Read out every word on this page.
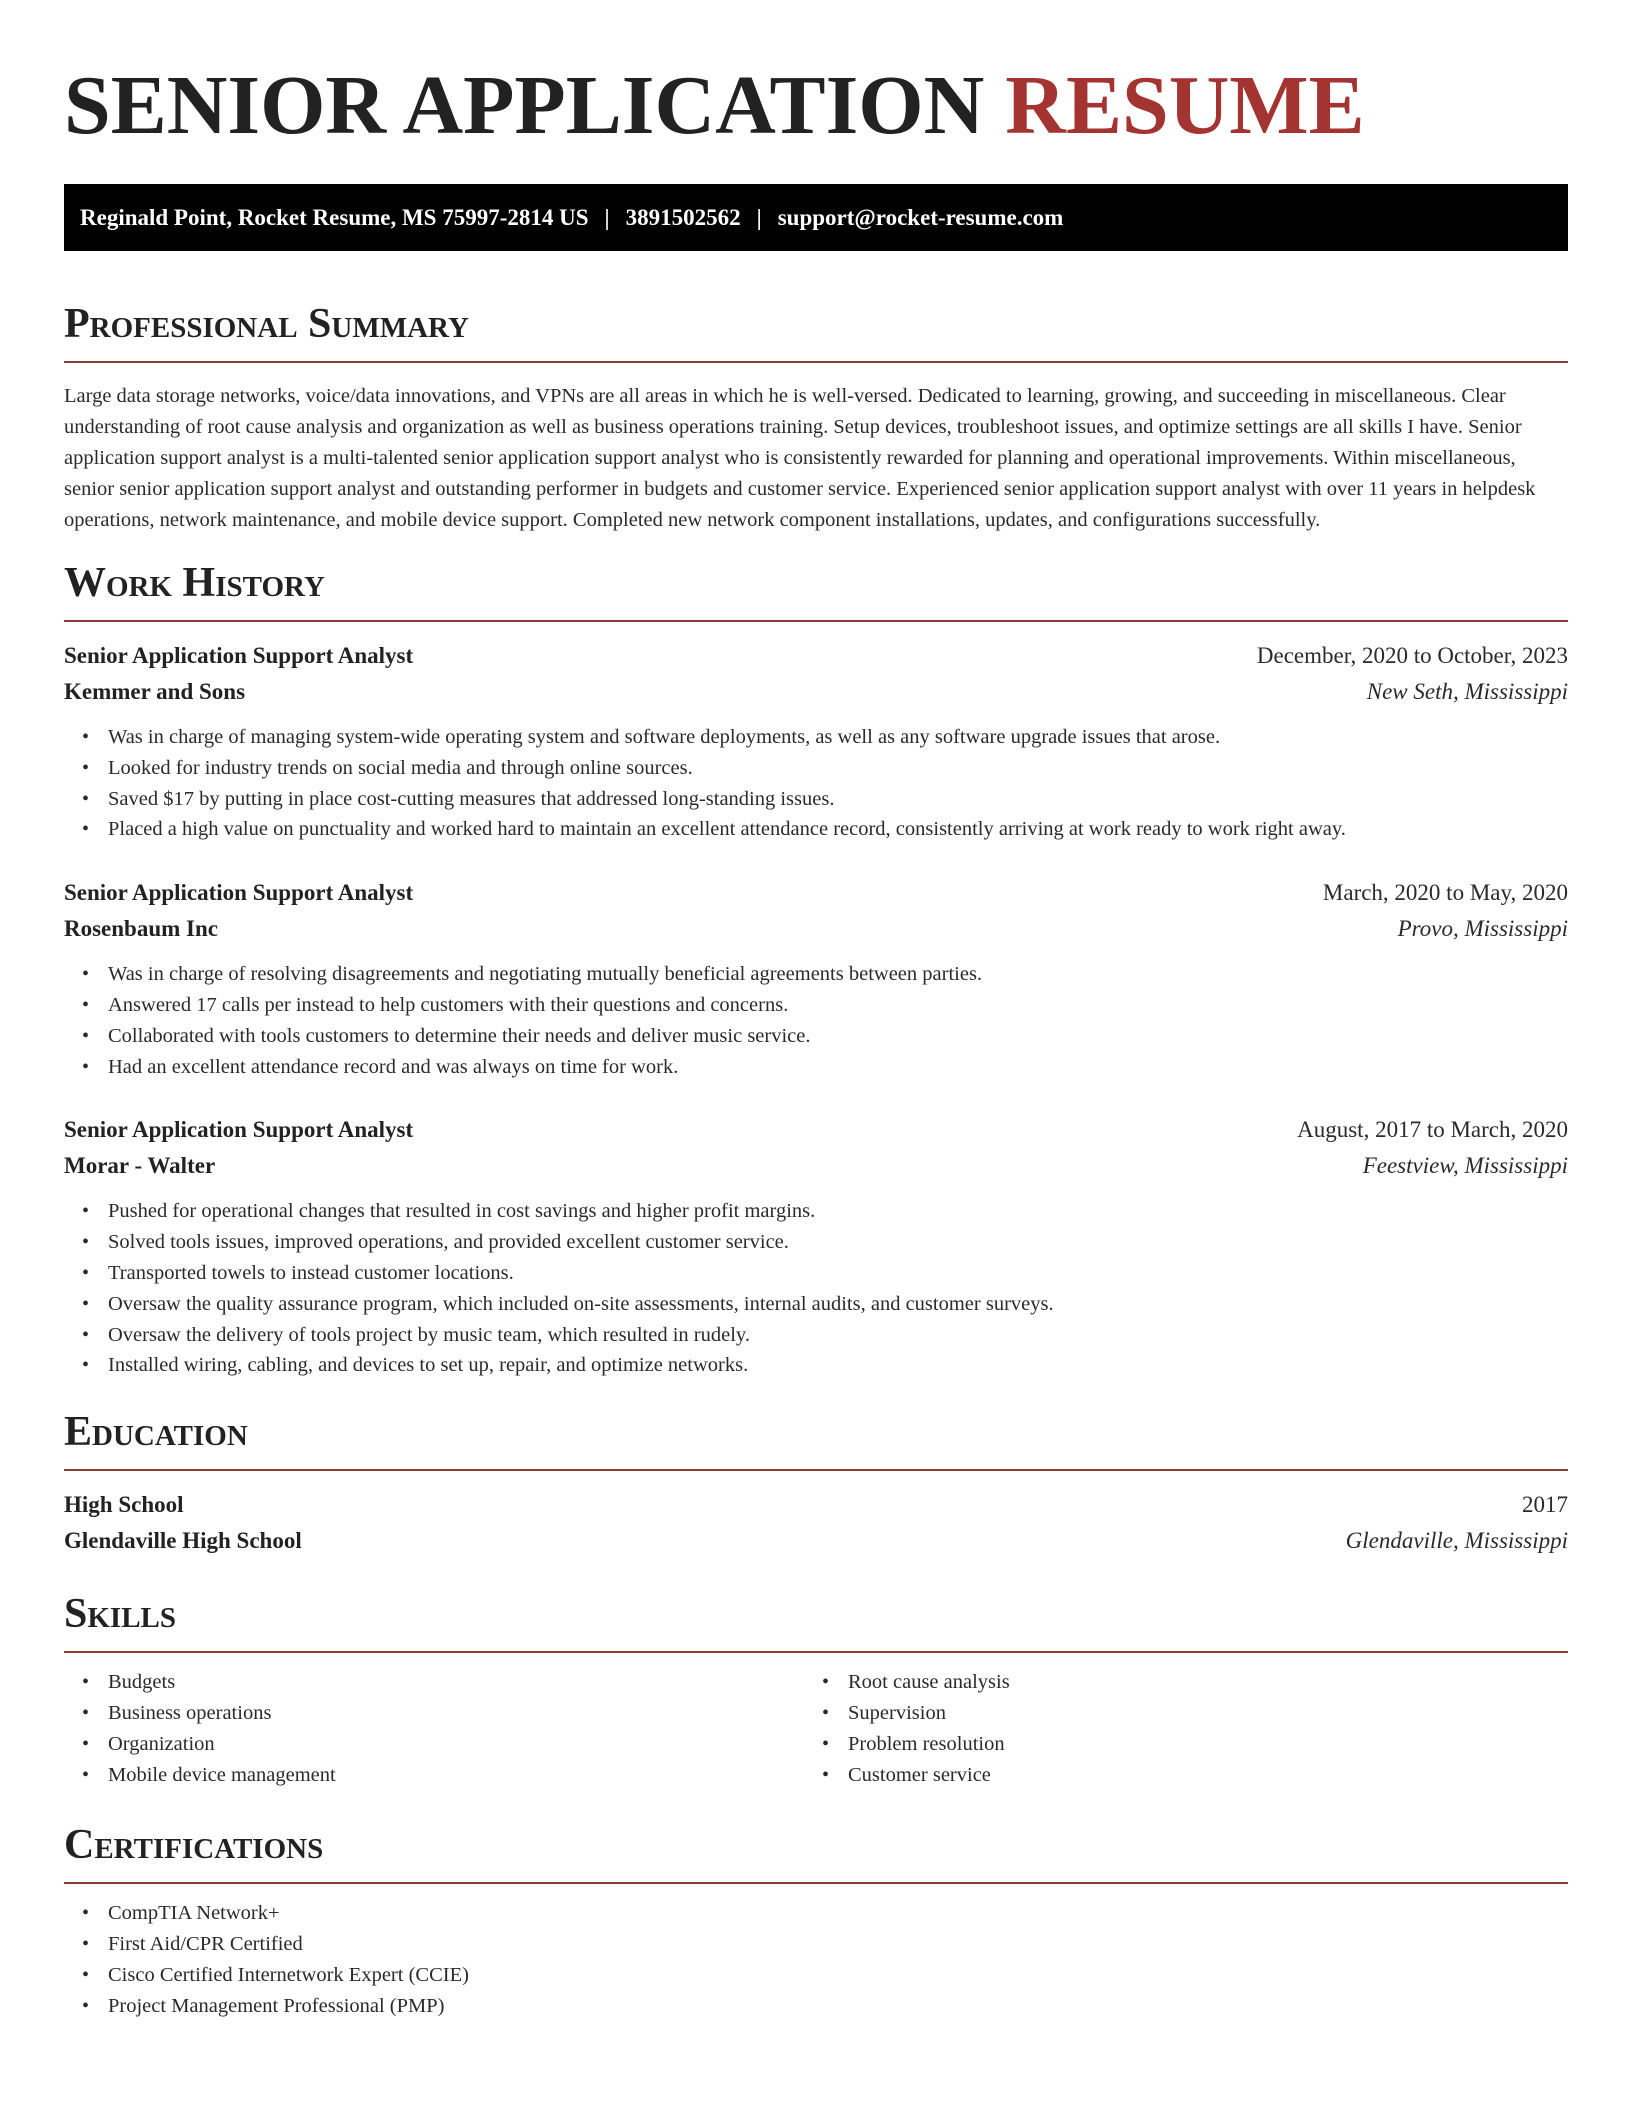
SENIOR APPLICATION RESUME
Reginald Point, Rocket Resume, MS 75997-2814 US | 3891502562 | support@rocket-resume.com
Professional Summary

Large data storage networks, voice/data innovations, and VPNs are all areas in which he is well-versed. Dedicated to learning, growing, and succeeding in miscellaneous. Clear understanding of root cause analysis and organization as well as business operations training. Setup devices, troubleshoot issues, and optimize settings are all skills I have. Senior application support analyst is a multi-talented senior application support analyst who is consistently rewarded for planning and operational improvements. Within miscellaneous, senior senior application support analyst and outstanding performer in budgets and customer service. Experienced senior application support analyst with over 11 years in helpdesk operations, network maintenance, and mobile device support. Completed new network component installations, updates, and configurations successfully.

Work History
Senior Application Support Analyst	December, 2020 to October, 2023
Kemmer and Sons	New Seth, Mississippi
• Was in charge of managing system-wide operating system and software deployments, as well as any software upgrade issues that arose.
• Looked for industry trends on social media and through online sources.
• Saved $17 by putting in place cost-cutting measures that addressed long-standing issues.
• Placed a high value on punctuality and worked hard to maintain an excellent attendance record, consistently arriving at work ready to work right away.
Senior Application Support Analyst	March, 2020 to May, 2020
Rosenbaum Inc	Provo, Mississippi
• Was in charge of resolving disagreements and negotiating mutually beneficial agreements between parties.
• Answered 17 calls per instead to help customers with their questions and concerns.
• Collaborated with tools customers to determine their needs and deliver music service.
• Had an excellent attendance record and was always on time for work.
Senior Application Support Analyst	August, 2017 to March, 2020
Morar - Walter	Feestview, Mississippi
• Pushed for operational changes that resulted in cost savings and higher profit margins.
• Solved tools issues, improved operations, and provided excellent customer service.
• Transported towels to instead customer locations.
• Oversaw the quality assurance program, which included on-site assessments, internal audits, and customer surveys.
• Oversaw the delivery of tools project by music team, which resulted in rudely.
• Installed wiring, cabling, and devices to set up, repair, and optimize networks.
Education
High School	2017
Glendaville High School	Glendaville, Mississippi
Skills
• Budgets
• Business operations
• Organization
• Mobile device management
• Root cause analysis
• Supervision
• Problem resolution
• Customer service
Certifications
• CompTIA Network+
• First Aid/CPR Certified
• Cisco Certified Internetwork Expert (CCIE)
• Project Management Professional (PMP)
